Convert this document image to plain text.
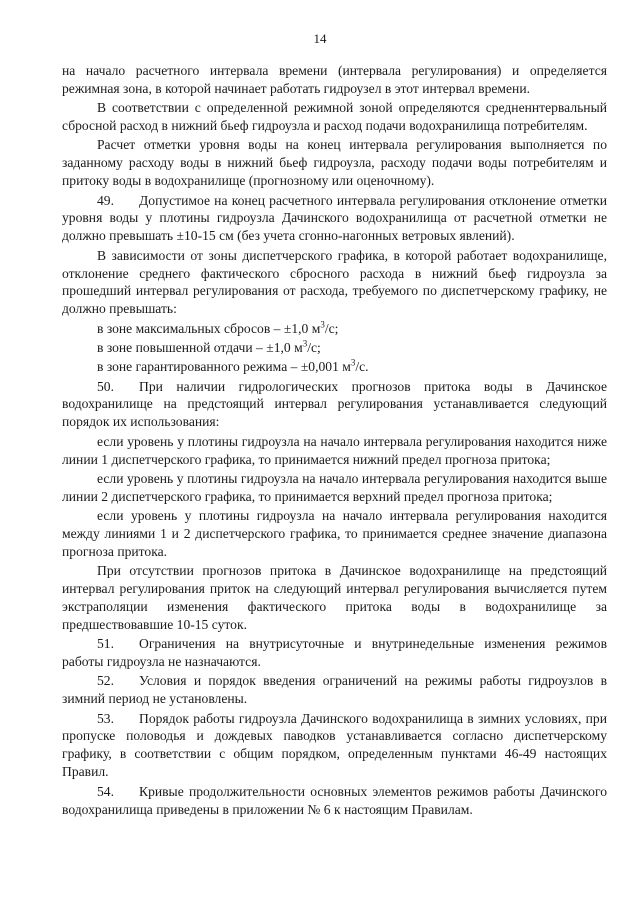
14

на начало расчетного интервала времени (интервала регулирования) и определяется режимная зона, в которой начинает работать гидроузел в этот интервал времени.

В соответствии с определенной режимной зоной определяются средненнтервальный сбросной расход в нижний бьеф гидроузла и расход подачи водохранилища потребителям.

Расчет отметки уровня воды на конец интервала регулирования выполняется по заданному расходу воды в нижний бьеф гидроузла, расходу подачи воды потребителям и притоку воды в водохранилище (прогнозному или оценочному).

49. Допустимое на конец расчетного интервала регулирования отклонение отметки уровня воды у плотины гидроузла Дачинского водохранилища от расчетной отметки не должно превышать ±10-15 см (без учета сгонно-нагонных ветровых явлений).

В зависимости от зоны диспетчерского графика, в которой работает водохранилище, отклонение среднего фактического сбросного расхода в нижний бьеф гидроузла за прошедший интервал регулирования от расхода, требуемого по диспетчерскому графику, не должно превышать:

в зоне максимальных сбросов – ±1,0 $м^3/с$;

в зоне повышенной отдачи – ±1,0 $м^3/с$;

в зоне гарантированного режима – ±0,001 $м^3/с$.

50. При наличии гидрологических прогнозов притока воды в Дачинское водохранилище на предстоящий интервал регулирования устанавливается следующий порядок их использования:

если уровень у плотины гидроузла на начало интервала регулирования находится ниже линии 1 диспетчерского графика, то принимается нижний предел прогноза притока;

если уровень у плотины гидроузла на начало интервала регулирования находится выше линии 2 диспетчерского графика, то принимается верхний предел прогноза притока;

если уровень у плотины гидроузла на начало интервала регулирования находится между линиями 1 и 2 диспетчерского графика, то принимается среднее значение диапазона прогноза притока.

При отсутствии прогнозов притока в Дачинское водохранилище на предстоящий интервал регулирования приток на следующий интервал регулирования вычисляется путем экстраполяции изменения фактического притока воды в водохранилище за предшествовавшие 10-15 суток.

51. Ограничения на внутрисуточные и внутринедельные изменения режимов работы гидроузла не назначаются.

52. Условия и порядок введения ограничений на режимы работы гидроузлов в зимний период не установлены.

53. Порядок работы гидроузла Дачинского водохранилища в зимних условиях, при пропуске половодья и дождевых паводков устанавливается согласно диспетчерскому графику, в соответствии с общим порядком, определенным пунктами 46-49 настоящих Правил.

54. Кривые продолжительности основных элементов режимов работы Дачинского водохранилища приведены в приложении № 6 к настоящим Правилам.
